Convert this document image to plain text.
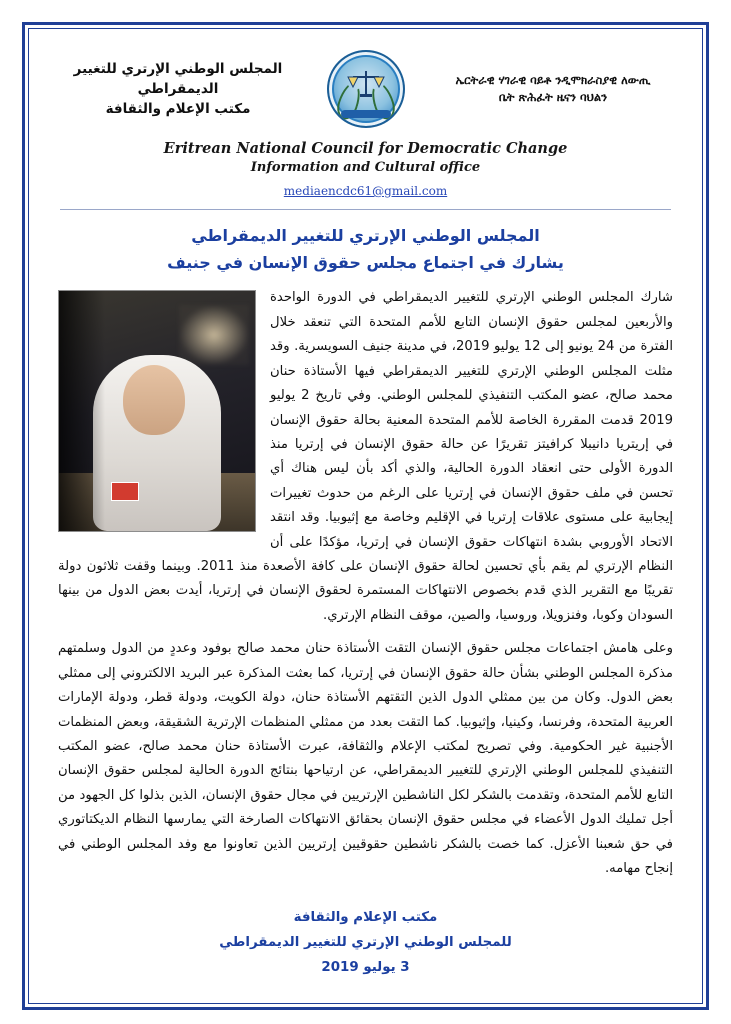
ኤርትራዊ ሃገራዊ ባይቶ ንዲሞክራስያዊ ለውጢ
ቤት ጽሕፈት ዜናን ባህልን
المجلس الوطني الإرتري للتغيير الديمقراطي
مكتب الإعلام والثقافة
Eritrean National Council for Democratic Change
Information and Cultural office
mediaencdc61@gmail.com
المجلس الوطني الإرتري للتغيير الديمقراطي
يشارك في اجتماع مجلس حقوق الإنسان في جنيف

شارك المجلس الوطني الإرتري للتغيير الديمقراطي في الدورة الواحدة والأربعين لمجلس حقوق الإنسان التابع للأمم المتحدة التي تنعقد خلال الفترة من 24 يونيو إلى 12 يوليو 2019، في مدينة جنيف السويسرية. وقد مثلت المجلس الوطني الإرتري للتغيير الديمقراطي فيها الأستاذة حنان محمد صالح، عضو المكتب التنفيذي للمجلس الوطني. وفي تاريخ 2 يوليو 2019 قدمت المقررة الخاصة للأمم المتحدة المعنية بحالة حقوق الإنسان في إريتريا دانيبلا كرافيتز تقريرًا عن حالة حقوق الإنسان في إرتريا منذ الدورة الأولى حتى انعقاد الدورة الحالية، والذي أكد بأن ليس هناك أي تحسن في ملف حقوق الإنسان في إرتريا على الرغم من حدوث تغييرات إيجابية على مستوى علاقات إرتريا في الإقليم وخاصة مع إثيوبيا. وقد انتقد الاتحاد الأوروبي بشدة انتهاكات حقوق الإنسان في إرتريا، مؤكدًا على أن النظام الإرتري لم يقم بأي تحسين لحالة حقوق الإنسان على كافة الأصعدة منذ 2011. وبينما وقفت ثلاثون دولة تقريبًا مع التقرير الذي قدم بخصوص الانتهاكات المستمرة لحقوق الإنسان في إرتريا، أيدت بعض الدول من بينها السودان وكوبا، وفنزويلا، وروسيا، والصين، موقف النظام الإرتري.

وعلى هامش اجتماعات مجلس حقوق الإنسان التقت الأستاذة حنان محمد صالح بوفود وعددٍ من الدول وسلمتهم مذكرة المجلس الوطني بشأن حالة حقوق الإنسان في إرتريا، كما بعثت المذكرة عبر البريد الالكتروني إلى ممثلي بعض الدول. وكان من بين ممثلي الدول الذين التقتهم الأستاذة حنان، دولة الكويت، ودولة قطر، ودولة الإمارات العربية المتحدة، وفرنسا، وكينيا، وإثيوبيا. كما التقت بعدد من ممثلي المنظمات الإرترية الشقيقة، وبعض المنظمات الأجنبية غير الحكومية. وفي تصريح لمكتب الإعلام والثقافة، عبرت الأستاذة حنان محمد صالح، عضو المكتب التنفيذي للمجلس الوطني الإرتري للتغيير الديمقراطي، عن ارتياحها بنتائج الدورة الحالية لمجلس حقوق الإنسان التابع للأمم المتحدة، وتقدمت بالشكر لكل الناشطين الإرتريين في مجال حقوق الإنسان، الذين بذلوا كل الجهود من أجل تمليك الدول الأعضاء في مجلس حقوق الإنسان بحقائق الانتهاكات الصارخة التي يمارسها النظام الديكتاتوري في حق شعبنا الأعزل. كما خصت بالشكر ناشطين حقوقيين إرتريين الذين تعاونوا مع وفد المجلس الوطني في إنجاح مهامه.

مكتب الإعلام والثقافة
للمجلس الوطني الإرتري للتغيير الديمقراطي
3 يوليو 2019
